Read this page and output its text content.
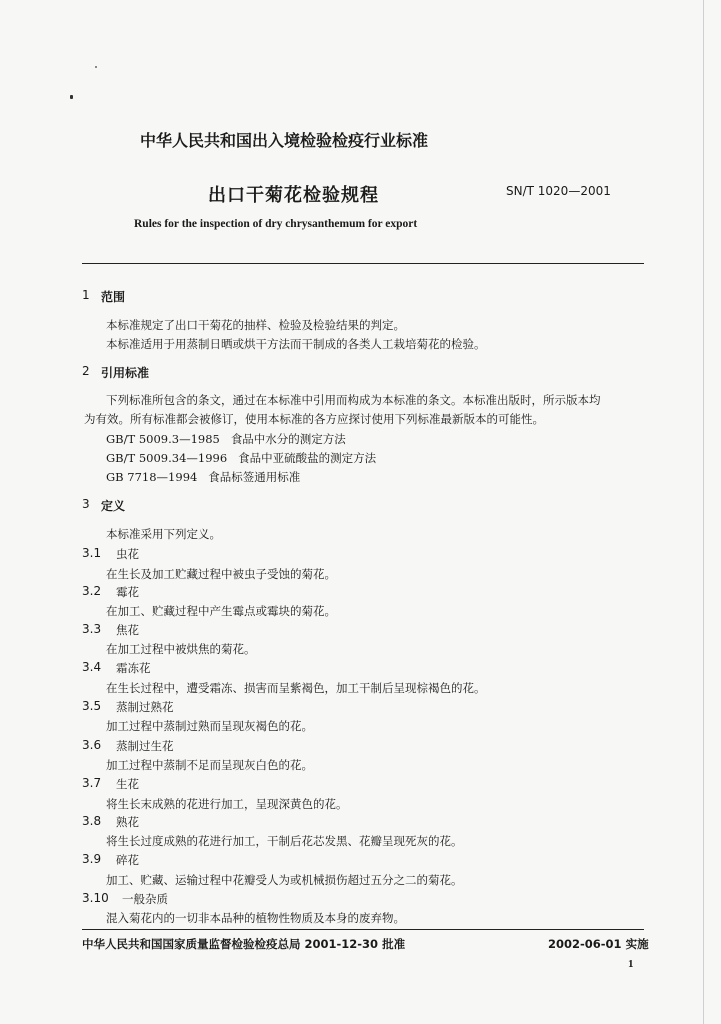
中华人民共和国出入境检验检疫行业标准
出口干菊花检验规程	SN/T 1020—2001
Rules for the inspection of dry chrysanthemum for export
1 范围
本标准规定了出口干菊花的抽样、检验及检验结果的判定。
本标准适用于用蒸制日晒或烘干方法而干制成的各类人工栽培菊花的检验。
2 引用标准
下列标准所包含的条文，通过在本标准中引用而构成为本标准的条文。本标准出版时，所示版本均
为有效。所有标准都会被修订，使用本标准的各方应探讨使用下列标准最新版本的可能性。
GB/T 5009.3—1985 食品中水分的测定方法
GB/T 5009.34—1996 食品中亚硫酸盐的测定方法
GB 7718—1994 食品标签通用标准
3 定义
本标准采用下列定义。
3.1 虫花
在生长及加工贮藏过程中被虫子受蚀的菊花。
3.2 霉花
在加工、贮藏过程中产生霉点或霉块的菊花。
3.3 焦花
在加工过程中被烘焦的菊花。
3.4 霜冻花
在生长过程中，遭受霜冻、损害而呈紫褐色，加工干制后呈现棕褐色的花。
3.5 蒸制过熟花
加工过程中蒸制过熟而呈现灰褐色的花。
3.6 蒸制过生花
加工过程中蒸制不足而呈现灰白色的花。
3.7 生花
将生长末成熟的花进行加工，呈现深黄色的花。
3.8 熟花
将生长过度成熟的花进行加工，干制后花芯发黑、花瓣呈现死灰的花。
3.9 碎花
加工、贮藏、运输过程中花瓣受人为或机械损伤超过五分之二的菊花。
3.10 一般杂质
混入菊花内的一切非本品种的植物性物质及本身的废弃物。
中华人民共和国国家质量监督检验检疫总局 2001-12-30 批准	2002-06-01 实施
1
